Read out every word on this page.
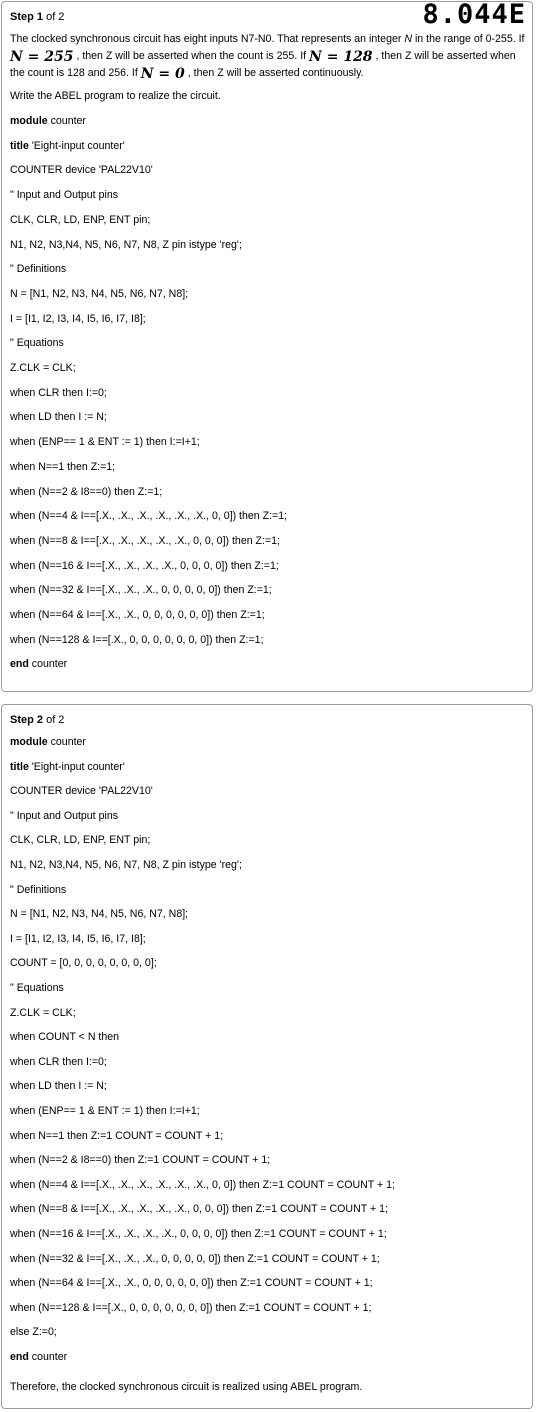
Step 1 of 2	8.044E
The clocked synchronous circuit has eight inputs N7-N0. That represents an integer N in the range of 0-255. If N = 255 , then Z will be asserted when the count is 255. If N = 128 , then Z will be asserted when the count is 128 and 256. If N = 0 , then Z will be asserted continuously.
Write the ABEL program to realize the circuit.
module counter
title 'Eight-input counter'
COUNTER device 'PAL22V10'
" Input and Output pins
CLK, CLR, LD, ENP, ENT pin;
N1, N2, N3,N4, N5, N6, N7, N8, Z pin istype 'reg';
" Definitions
N = [N1, N2, N3, N4, N5, N6, N7, N8];
I = [I1, I2, I3, I4, I5, I6, I7, I8];
" Equations
Z.CLK = CLK;
when CLR then I:=0;
when LD then I := N;
when (ENP== 1 & ENT := 1) then I:=I+1;
when N==1 then Z:=1;
when (N==2 & I8==0) then Z:=1;
when (N==4 & I==[.X., .X., .X., .X., .X., .X., 0, 0]) then Z:=1;
when (N==8 & I==[.X., .X., .X., .X., .X., 0, 0, 0]) then Z:=1;
when (N==16 & I==[.X., .X., .X., .X., 0, 0, 0, 0]) then Z:=1;
when (N==32 & I==[.X., .X., .X., 0, 0, 0, 0, 0]) then Z:=1;
when (N==64 & I==[.X., .X., 0, 0, 0, 0, 0, 0]) then Z:=1;
when (N==128 & I==[.X., 0, 0, 0, 0, 0, 0, 0]) then Z:=1;
end counter
Step 2 of 2
module counter
title 'Eight-input counter'
COUNTER device 'PAL22V10'
" Input and Output pins
CLK, CLR, LD, ENP, ENT pin;
N1, N2, N3,N4, N5, N6, N7, N8, Z pin istype 'reg';
" Definitions
N = [N1, N2, N3, N4, N5, N6, N7, N8];
I = [I1, I2, I3, I4, I5, I6, I7, I8];
COUNT = [0, 0, 0, 0, 0, 0, 0, 0];
" Equations
Z.CLK = CLK;
when COUNT < N then
when CLR then I:=0;
when LD then I := N;
when (ENP== 1 & ENT := 1) then I:=I+1;
when N==1 then Z:=1 COUNT = COUNT + 1;
when (N==2 & I8==0) then Z:=1 COUNT = COUNT + 1;
when (N==4 & I==[.X., .X., .X., .X., .X., .X., 0, 0]) then Z:=1 COUNT = COUNT + 1;
when (N==8 & I==[.X., .X., .X., .X., .X., 0, 0, 0]) then Z:=1 COUNT = COUNT + 1;
when (N==16 & I==[.X., .X., .X., .X., 0, 0, 0, 0]) then Z:=1 COUNT = COUNT + 1;
when (N==32 & I==[.X., .X., .X., 0, 0, 0, 0, 0]) then Z:=1 COUNT = COUNT + 1;
when (N==64 & I==[.X., .X., 0, 0, 0, 0, 0, 0]) then Z:=1 COUNT = COUNT + 1;
when (N==128 & I==[.X., 0, 0, 0, 0, 0, 0, 0]) then Z:=1 COUNT = COUNT + 1;
else Z:=0;
end counter
Therefore, the clocked synchronous circuit is realized using ABEL program.
